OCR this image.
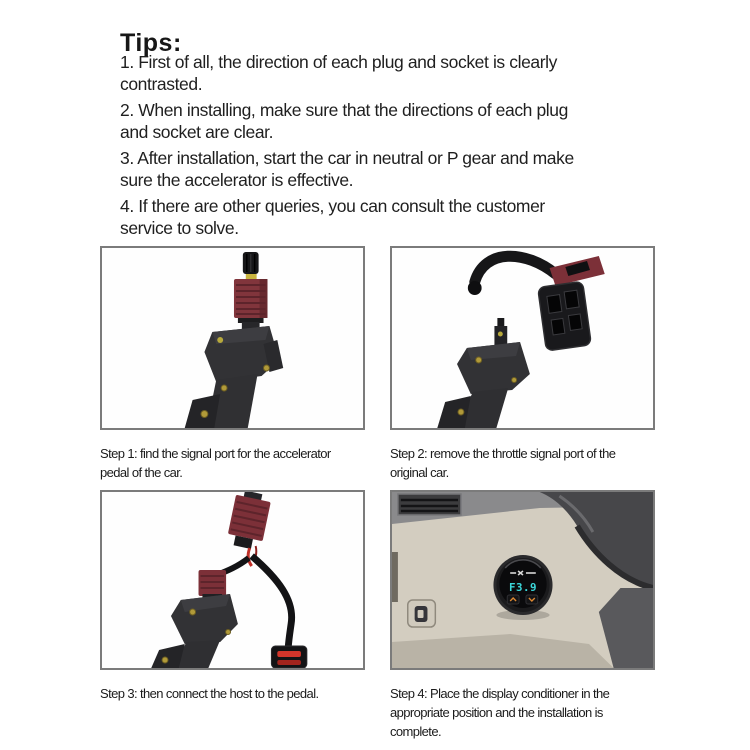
Tips:

1. First of all, the direction of each plug and socket is clearly
contrasted.

2. When installing, make sure that the directions of each plug
and socket are clear.

3. After installation, start the car in neutral or P gear and make
sure the accelerator is effective.

4. If there are other queries, you can consult the customer
service to solve.

Step 1: find the signal port for the accelerator
pedal of the car.
Step 2: remove the throttle signal port of the
original car.
Step 3: then connect the host to the pedal.
F3.9
Step 4: Place the display conditioner in the
appropriate position and the installation is
complete.
